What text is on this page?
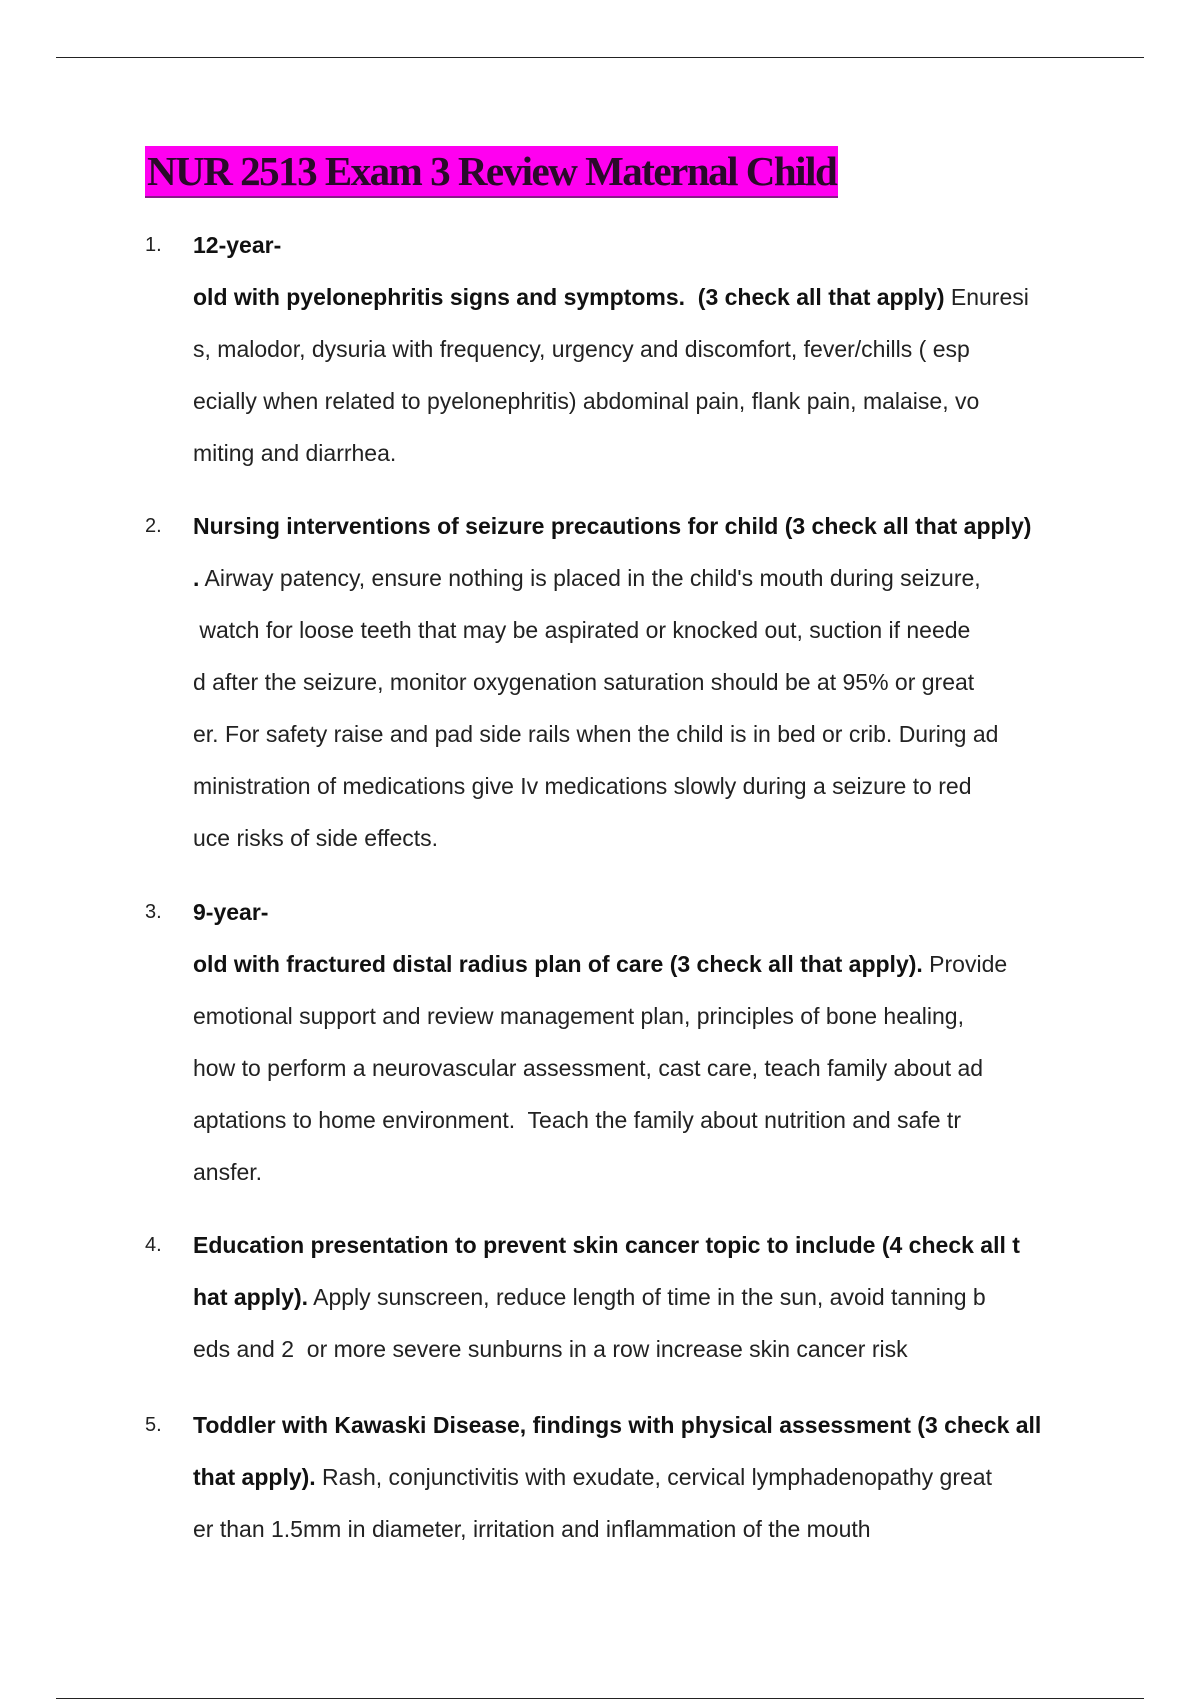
NUR 2513 Exam 3 Review Maternal Child
1. 12-year-
old with pyelonephritis signs and symptoms.  (3 check all that apply) Enuresi
s, malodor, dysuria with frequency, urgency and discomfort, fever/chills ( esp
ecially when related to pyelonephritis) abdominal pain, flank pain, malaise, vo
miting and diarrhea.
2. Nursing interventions of seizure precautions for child (3 check all that apply)
. Airway patency, ensure nothing is placed in the child's mouth during seizure,
watch for loose teeth that may be aspirated or knocked out, suction if neede
d after the seizure, monitor oxygenation saturation should be at 95% or great
er. For safety raise and pad side rails when the child is in bed or crib. During ad
ministration of medications give Iv medications slowly during a seizure to red
uce risks of side effects.
3. 9-year-
old with fractured distal radius plan of care (3 check all that apply). Provide
emotional support and review management plan, principles of bone healing,
how to perform a neurovascular assessment, cast care, teach family about ad
aptations to home environment.  Teach the family about nutrition and safe tr
ansfer.
4. Education presentation to prevent skin cancer topic to include (4 check all t
hat apply). Apply sunscreen, reduce length of time in the sun, avoid tanning b
eds and 2  or more severe sunburns in a row increase skin cancer risk
5. Toddler with Kawaski Disease, findings with physical assessment (3 check all
that apply). Rash, conjunctivitis with exudate, cervical lymphadenopathy great
er than 1.5mm in diameter, irritation and inflammation of the mouth
